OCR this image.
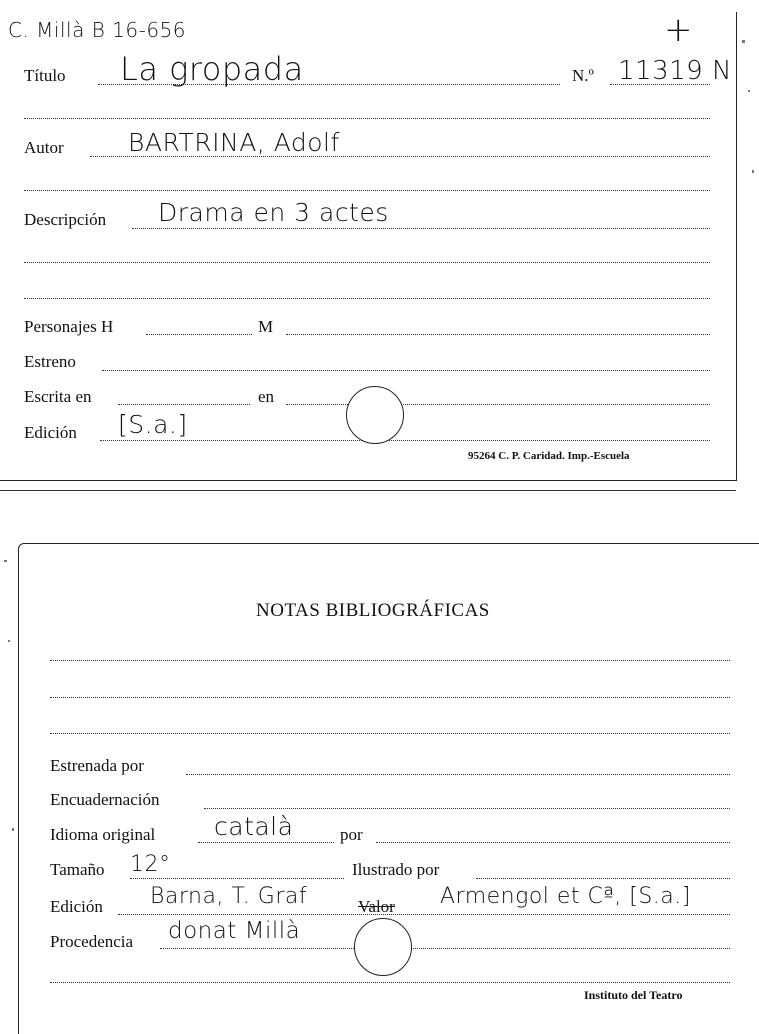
C. Millà B 16-656	+
Título La gropada	N.º 11319 N
Autor	BARTRINA, Adolf
Descripción Drama en 3 actes
Personajes H	M
Estreno
Escrita en	en
Edición [S.a.]
95264 C. P. Caridad. Imp.-Escuela
NOTAS BIBLIOGRÁFICAS
Estrenada por
Encuadernación
Idioma original català	por
Tamaño 12°	Ilustrado por
Edición Barna, T. Graf	Valor Armengol et Cª, [S.a.]
Procedencia donat Millà
Instituto del Teatro
